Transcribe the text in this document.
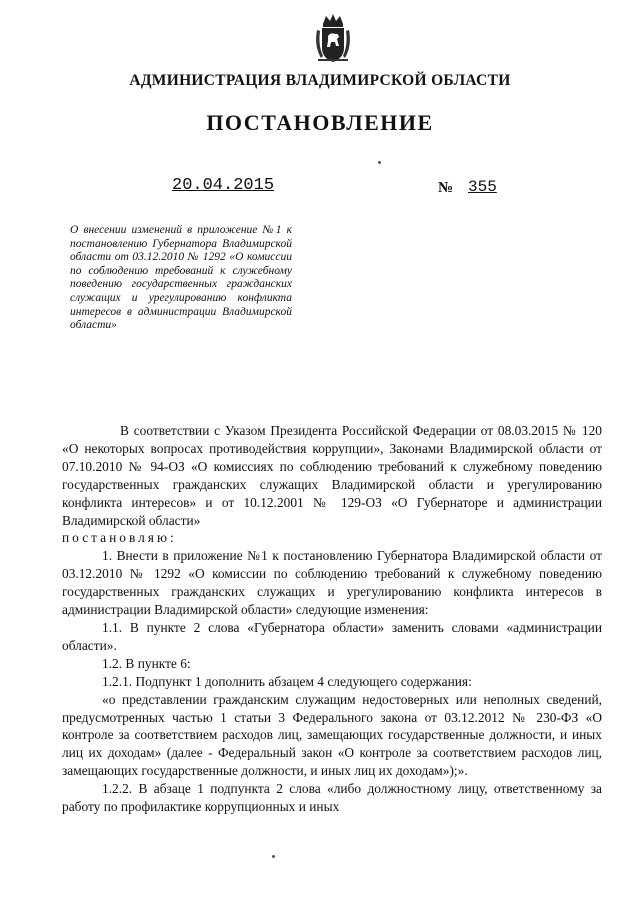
АДМИНИСТРАЦИЯ ВЛАДИМИРСКОЙ ОБЛАСТИ
ПОСТАНОВЛЕНИЕ
20.04.2015	№ 355
О внесении изменений в приложение №1 к постановлению Губернатора Владимирской области от 03.12.2010 № 1292 «О комиссии по соблюдению требований к служебному поведению государственных гражданских служащих и урегулированию конфликта интересов в администрации Владимирской области»

В соответствии с Указом Президента Российской Федерации от 08.03.2015 № 120 «О некоторых вопросах противодействия коррупции», Законами Владимирской области от 07.10.2010 № 94-ОЗ «О комиссиях по соблюдению требований к служебному поведению государственных гражданских служащих Владимирской области и урегулированию конфликта интересов» и от 10.12.2001 № 129-ОЗ «О Губернаторе и администрации Владимирской области»

постановляю:

1. Внести в приложение №1 к постановлению Губернатора Владимирской области от 03.12.2010 № 1292 «О комиссии по соблюдению требований к служебному поведению государственных гражданских служащих и урегулированию конфликта интересов в администрации Владимирской области» следующие изменения:

1.1. В пункте 2 слова «Губернатора области» заменить словами «администрации области».

1.2. В пункте 6:

1.2.1. Подпункт 1 дополнить абзацем 4 следующего содержания:

«о представлении гражданским служащим недостоверных или неполных сведений, предусмотренных частью 1 статьи 3 Федерального закона от 03.12.2012 № 230-ФЗ «О контроле за соответствием расходов лиц, замещающих государственные должности, и иных лиц их доходам» (далее - Федеральный закон «О контроле за соответствием расходов лиц, замещающих государственные должности, и иных лиц их доходам»);».

1.2.2. В абзаце 1 подпункта 2 слова «либо должностному лицу, ответственному за работу по профилактике коррупционных и иных
